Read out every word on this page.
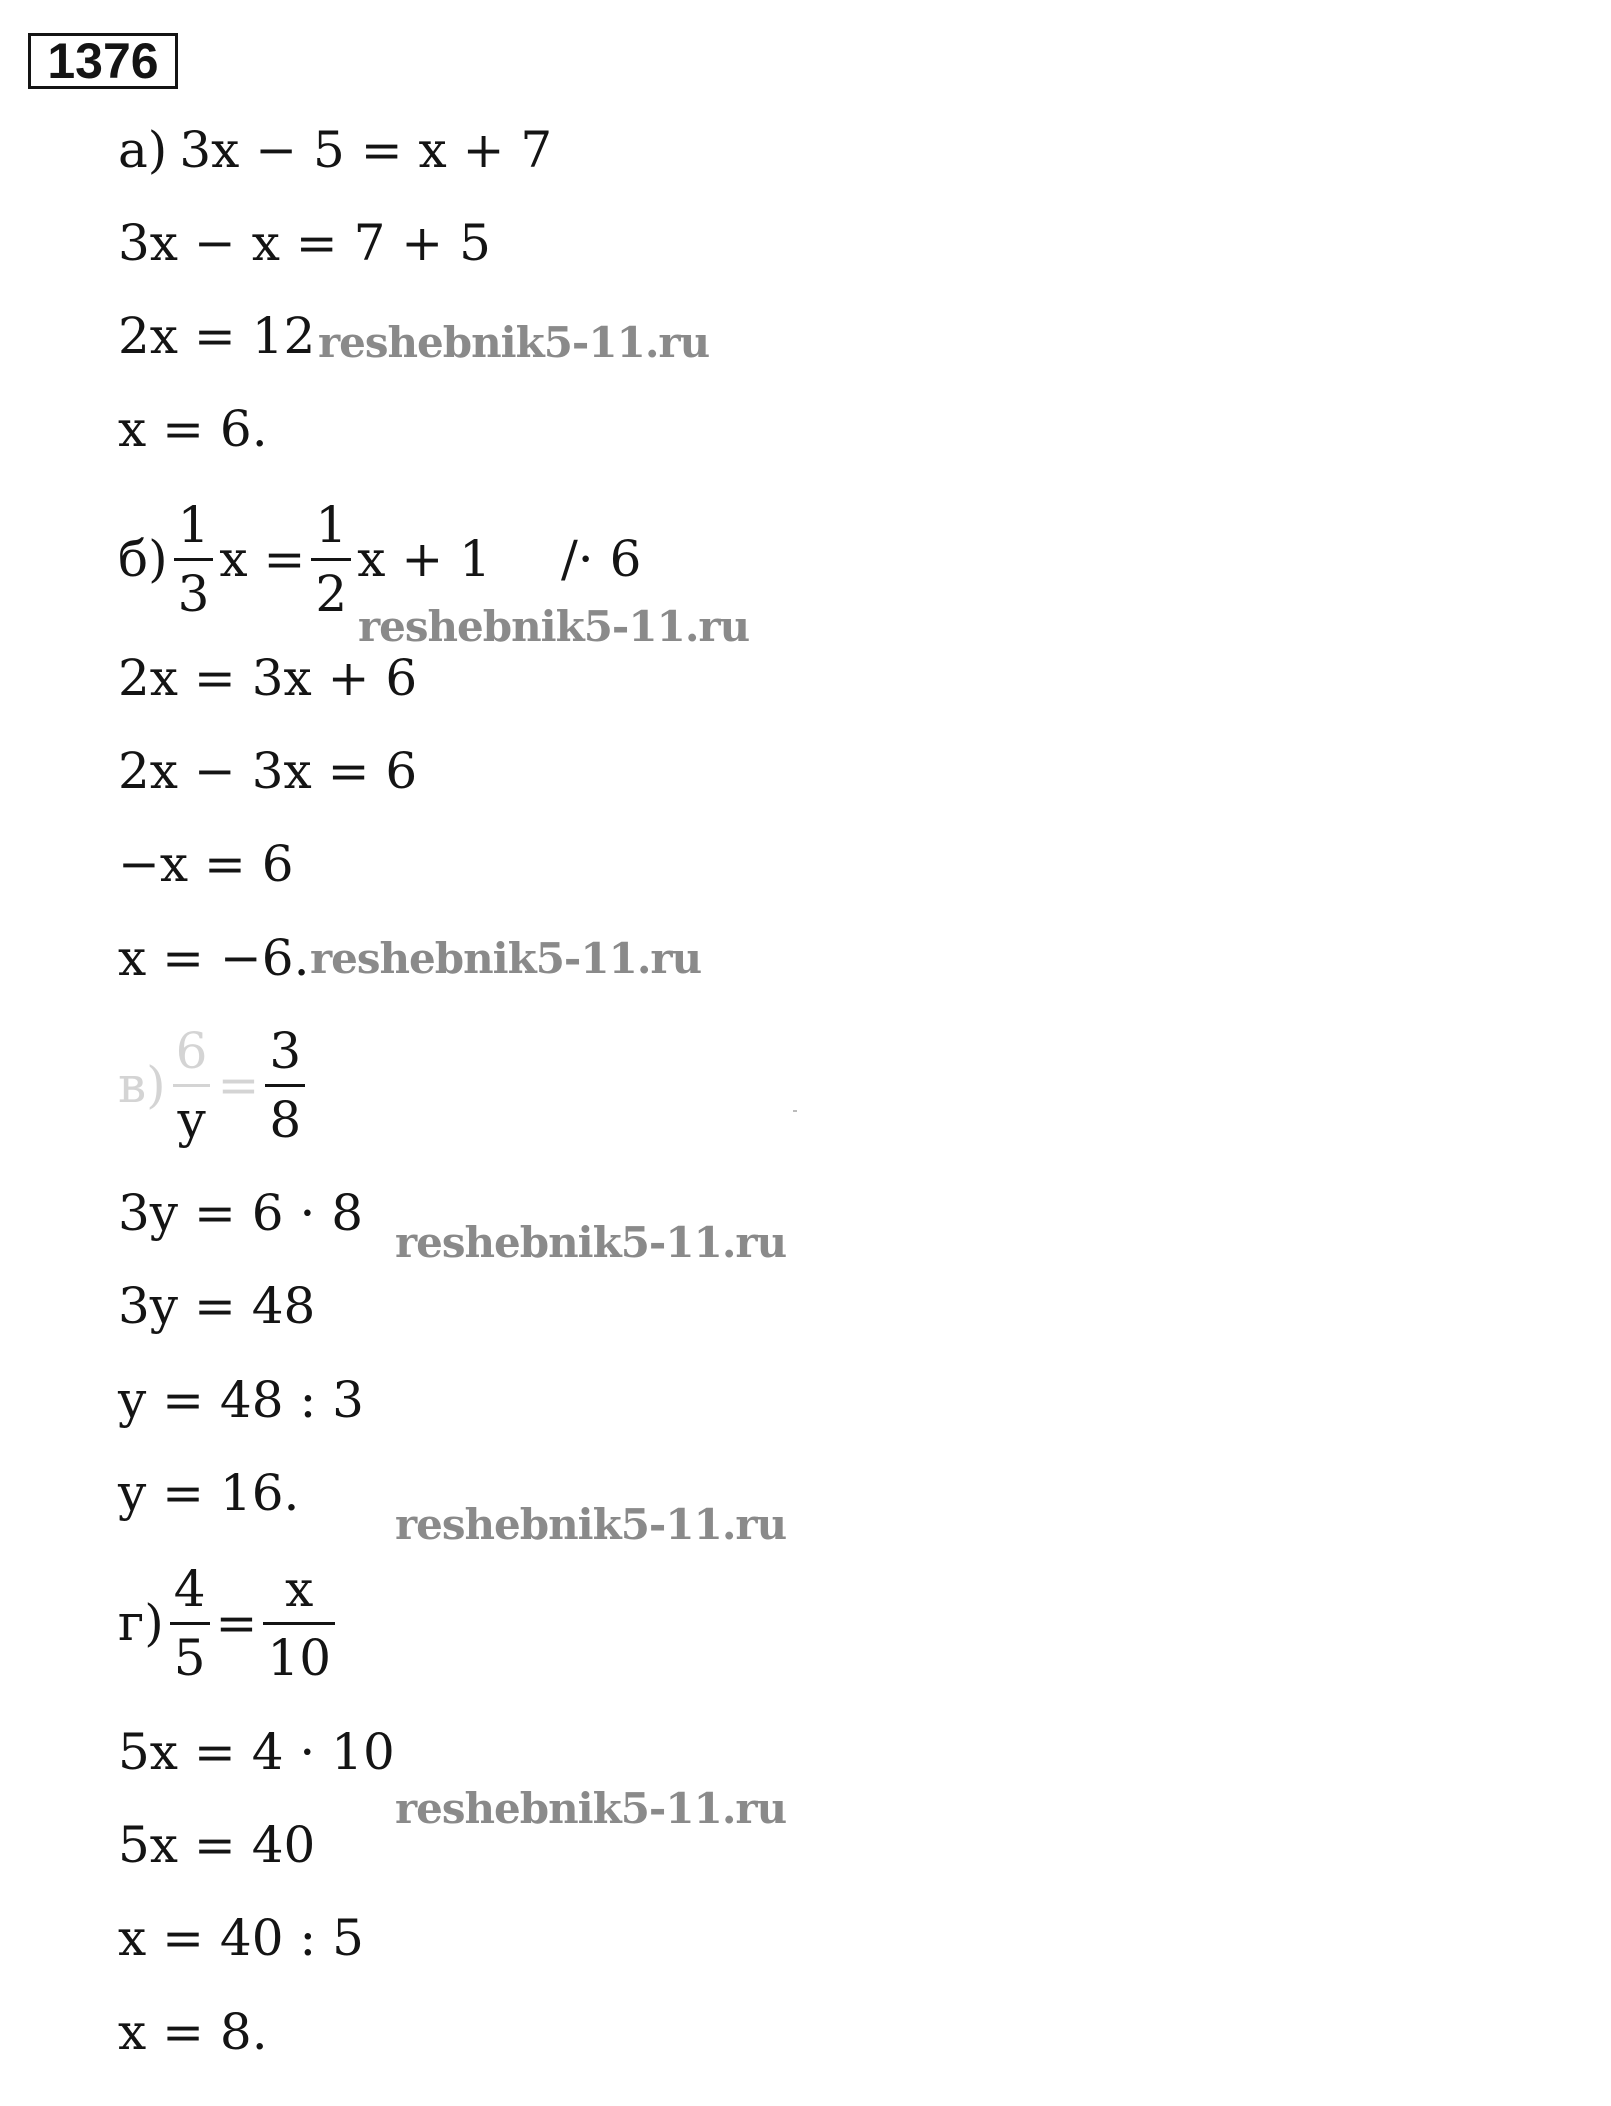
1376
а) 3x − 5 = x + 7
3x − x = 7 + 5
2x = 12
x = 6.
$б) \frac{1}{3}$ $x = \frac{1}{2}$ x + 1 /· 6
2x = 3x + 6
2x − 3x = 6
−x = 6
x = −6.
$в) \frac{6}{y} = \frac{3}{8}$
3y = 6 · 8
3y = 48
y = 48 : 3
y = 16.
$г) \frac{4}{5} = \frac{x}{10}$
5x = 4 · 10
5x = 40
x = 40 : 5
x = 8.
reshebnik5-11.ru
reshebnik5-11.ru
reshebnik5-11.ru
reshebnik5-11.ru
reshebnik5-11.ru
reshebnik5-11.ru
